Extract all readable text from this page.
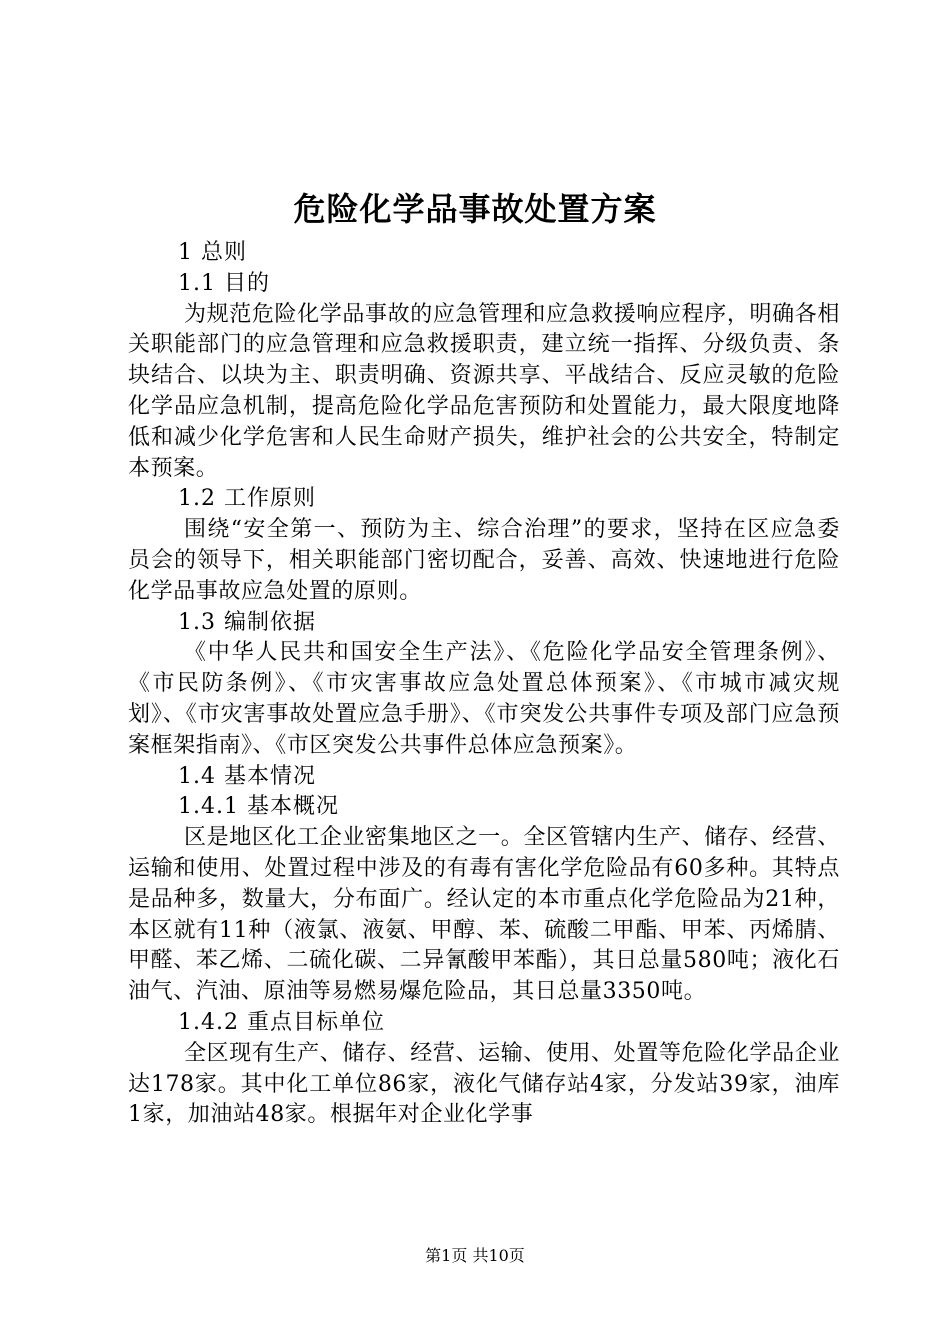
危险化学品事故处置方案

1 总则

1.1 目的

为规范危险化学品事故的应急管理和应急救援响应程序，明确各相关职能部门的应急管理和应急救援职责，建立统一指挥、分级负责、条块结合、以块为主、职责明确、资源共享、平战结合、反应灵敏的危险化学品应急机制，提高危险化学品危害预防和处置能力，最大限度地降低和减少化学危害和人民生命财产损失，维护社会的公共安全，特制定本预案。

1.2 工作原则

围绕“安全第一、预防为主、综合治理”的要求，坚持在区应急委员会的领导下，相关职能部门密切配合，妥善、高效、快速地进行危险化学品事故应急处置的原则。

1.3 编制依据

《中华人民共和国安全生产法》、《危险化学品安全管理条例》、《市民防条例》、《市灾害事故应急处置总体预案》、《市城市减灾规划》、《市灾害事故处置应急手册》、《市突发公共事件专项及部门应急预案框架指南》、《市区突发公共事件总体应急预案》。

1.4 基本情况

1.4.1 基本概况

区是地区化工企业密集地区之一。全区管辖内生产、储存、经营、运输和使用、处置过程中涉及的有毒有害化学危险品有60多种。其特点是品种多，数量大，分布面广。经认定的本市重点化学危险品为21种，本区就有11种（液氯、液氨、甲醇、苯、硫酸二甲酯、甲苯、丙烯腈、甲醛、苯乙烯、二硫化碳、二异氰酸甲苯酯），其日总量580吨；液化石油气、汽油、原油等易燃易爆危险品，其日总量3350吨。

1.4.2 重点目标单位

全区现有生产、储存、经营、运输、使用、处置等危险化学品企业达178家。其中化工单位86家，液化气储存站4家，分发站39家，油库1家，加油站48家。根据年对企业化学事

第1页 共10页
